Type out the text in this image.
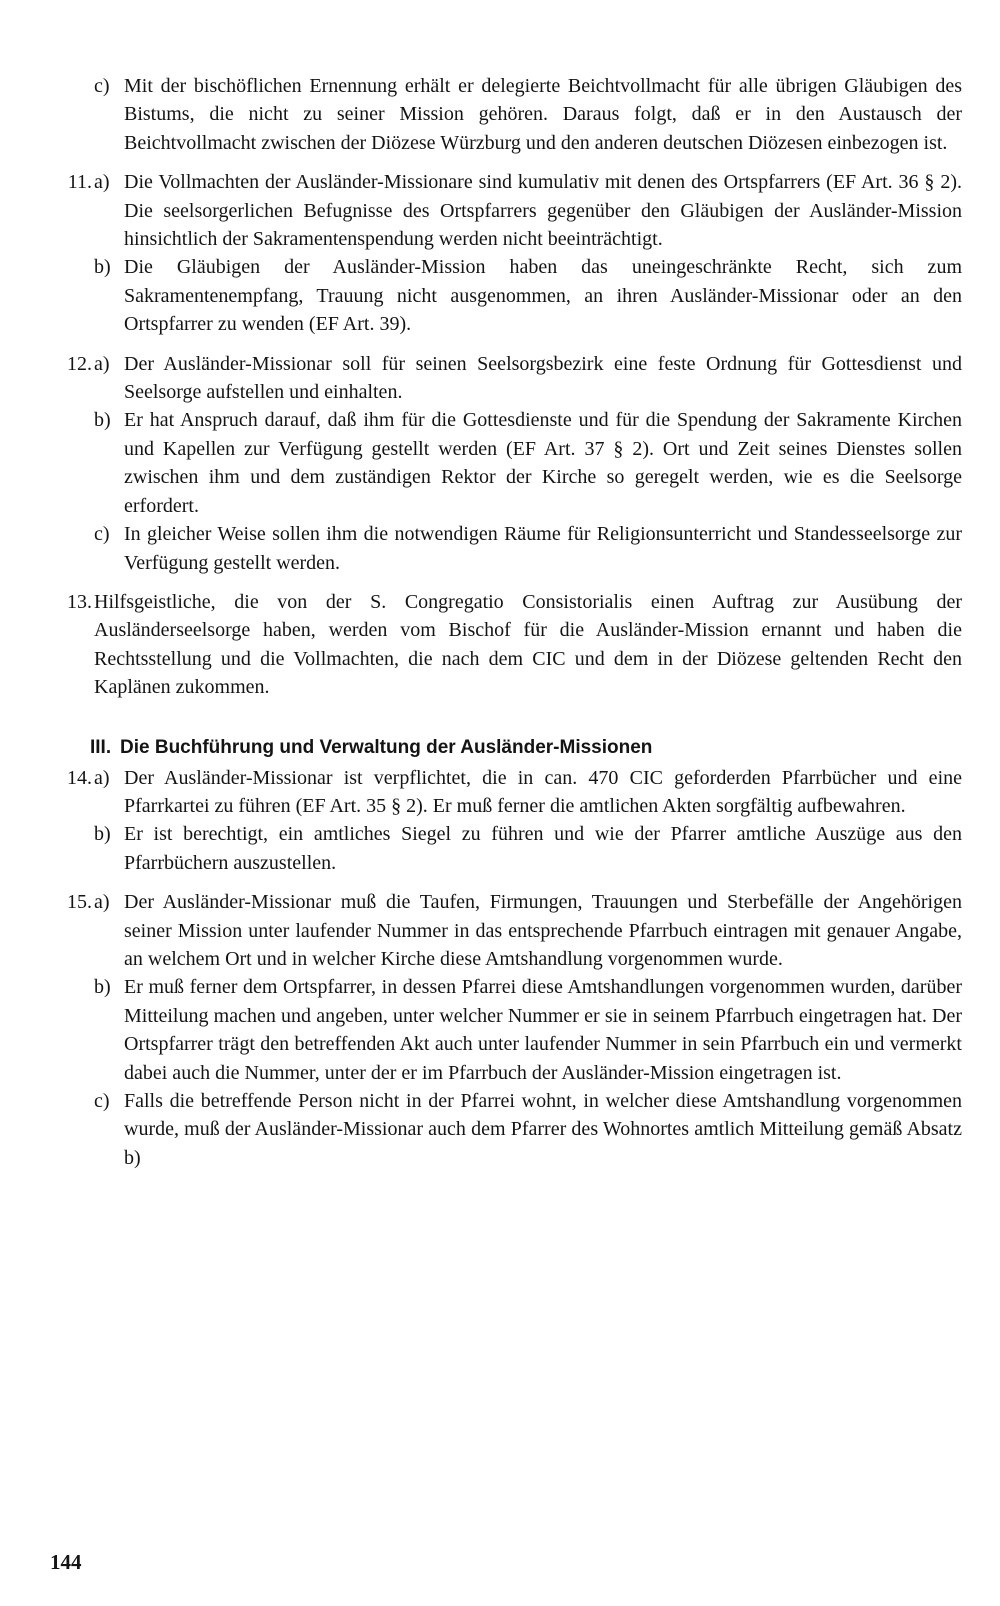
c) Mit der bischöflichen Ernennung erhält er delegierte Beichtvollmacht für alle übrigen Gläubigen des Bistums, die nicht zu seiner Mission gehören. Daraus folgt, daß er in den Austausch der Beichtvollmacht zwischen der Diözese Würzburg und den anderen deutschen Diözesen einbezogen ist.
11. a) Die Vollmachten der Ausländer-Missionare sind kumulativ mit denen des Ortspfarrers (EF Art. 36 § 2). Die seelsorgerlichen Befugnisse des Ortspfarrers gegenüber den Gläubigen der Ausländer-Mission hinsichtlich der Sakramentenspendung werden nicht beeinträchtigt.
b) Die Gläubigen der Ausländer-Mission haben das uneingeschränkte Recht, sich zum Sakramentenempfang, Trauung nicht ausgenommen, an ihren Ausländer-Missionar oder an den Ortspfarrer zu wenden (EF Art. 39).
12. a) Der Ausländer-Missionar soll für seinen Seelsorgsbezirk eine feste Ordnung für Gottesdienst und Seelsorge aufstellen und einhalten.
b) Er hat Anspruch darauf, daß ihm für die Gottesdienste und für die Spendung der Sakramente Kirchen und Kapellen zur Verfügung gestellt werden (EF Art. 37 § 2). Ort und Zeit seines Dienstes sollen zwischen ihm und dem zuständigen Rektor der Kirche so geregelt werden, wie es die Seelsorge erfordert.
c) In gleicher Weise sollen ihm die notwendigen Räume für Religionsunterricht und Standesseelsorge zur Verfügung gestellt werden.
13. Hilfsgeistliche, die von der S. Congregatio Consistorialis einen Auftrag zur Ausübung der Ausländerseelsorge haben, werden vom Bischof für die Ausländer-Mission ernannt und haben die Rechtsstellung und die Vollmachten, die nach dem CIC und dem in der Diözese geltenden Recht den Kaplänen zukommen.
III. Die Buchführung und Verwaltung der Ausländer-Missionen
14. a) Der Ausländer-Missionar ist verpflichtet, die in can. 470 CIC geforderden Pfarrbücher und eine Pfarrkartei zu führen (EF Art. 35 § 2). Er muß ferner die amtlichen Akten sorgfältig aufbewahren.
b) Er ist berechtigt, ein amtliches Siegel zu führen und wie der Pfarrer amtliche Auszüge aus den Pfarrbüchern auszustellen.
15. a) Der Ausländer-Missionar muß die Taufen, Firmungen, Trauungen und Sterbefälle der Angehörigen seiner Mission unter laufender Nummer in das entsprechende Pfarrbuch eintragen mit genauer Angabe, an welchem Ort und in welcher Kirche diese Amtshandlung vorgenommen wurde.
b) Er muß ferner dem Ortspfarrer, in dessen Pfarrei diese Amtshandlungen vorgenommen wurden, darüber Mitteilung machen und angeben, unter welcher Nummer er sie in seinem Pfarrbuch eingetragen hat. Der Ortspfarrer trägt den betreffenden Akt auch unter laufender Nummer in sein Pfarrbuch ein und vermerkt dabei auch die Nummer, unter der er im Pfarrbuch der Ausländer-Mission eingetragen ist.
c) Falls die betreffende Person nicht in der Pfarrei wohnt, in welcher diese Amtshandlung vorgenommen wurde, muß der Ausländer-Missionar auch dem Pfarrer des Wohnortes amtlich Mitteilung gemäß Absatz b)
144
